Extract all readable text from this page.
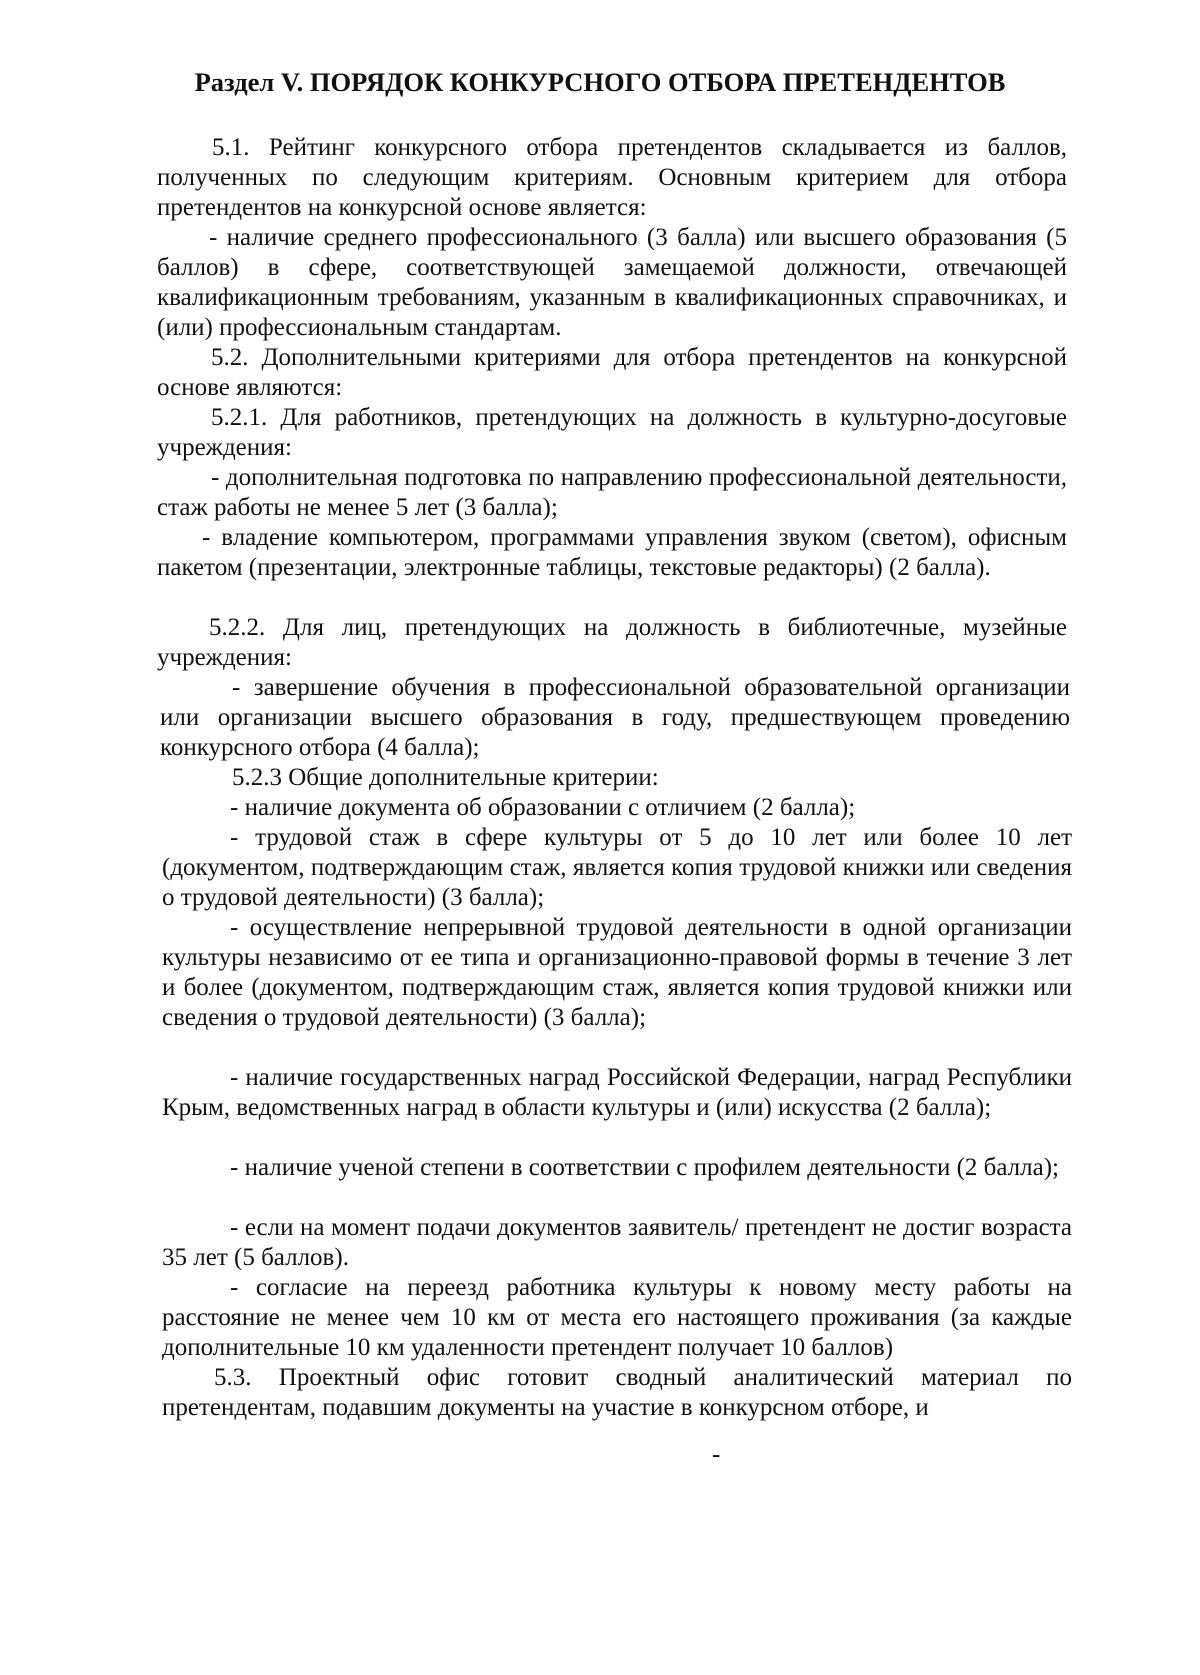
Раздел V. ПОРЯДОК КОНКУРСНОГО ОТБОРА ПРЕТЕНДЕНТОВ

5.1. Рейтинг конкурсного отбора претендентов складывается из баллов, полученных по следующим критериям. Основным критерием для отбора претендентов на конкурсной основе является:

- наличие среднего профессионального (3 балла) или высшего образования (5 баллов) в сфере, соответствующей замещаемой должности, отвечающей квалификационным требованиям, указанным в квалификационных справочниках, и (или) профессиональным стандартам.

5.2. Дополнительными критериями для отбора претендентов на конкурсной основе являются:

5.2.1. Для работников, претендующих на должность в культурно-досуговые учреждения:

- дополнительная подготовка по направлению профессиональной деятельности, стаж работы не менее 5 лет (3 балла);

- владение компьютером, программами управления звуком (светом), офисным пакетом (презентации, электронные таблицы, текстовые редакторы) (2 балла).

5.2.2. Для лиц, претендующих на должность в библиотечные, музейные учреждения:

- завершение обучения в профессиональной образовательной организации или организации высшего образования в году, предшествующем проведению конкурсного отбора (4 балла);

5.2.3 Общие дополнительные критерии:

- наличие документа об образовании с отличием (2 балла);

- трудовой стаж в сфере культуры от 5 до 10 лет или более 10 лет (документом, подтверждающим стаж, является копия трудовой книжки или сведения о трудовой деятельности) (3 балла);

- осуществление непрерывной трудовой деятельности в одной организации культуры независимо от ее типа и организационно-правовой формы в течение 3 лет и более (документом, подтверждающим стаж, является копия трудовой книжки или сведения о трудовой деятельности) (3 балла);

- наличие государственных наград Российской Федерации, наград Республики Крым, ведомственных наград в области культуры и (или) искусства (2 балла);

- наличие ученой степени в соответствии с профилем деятельности (2 балла);

- если на момент подачи документов заявитель/ претендент не достиг возраста 35 лет (5 баллов).

- согласие на переезд работника культуры к новому месту работы на расстояние не менее чем 10 км от места его настоящего проживания (за каждые дополнительные 10 км удаленности претендент получает 10 баллов)

5.3. Проектный офис готовит сводный аналитический материал по претендентам, подавшим документы на участие в конкурсном отборе, и

-
